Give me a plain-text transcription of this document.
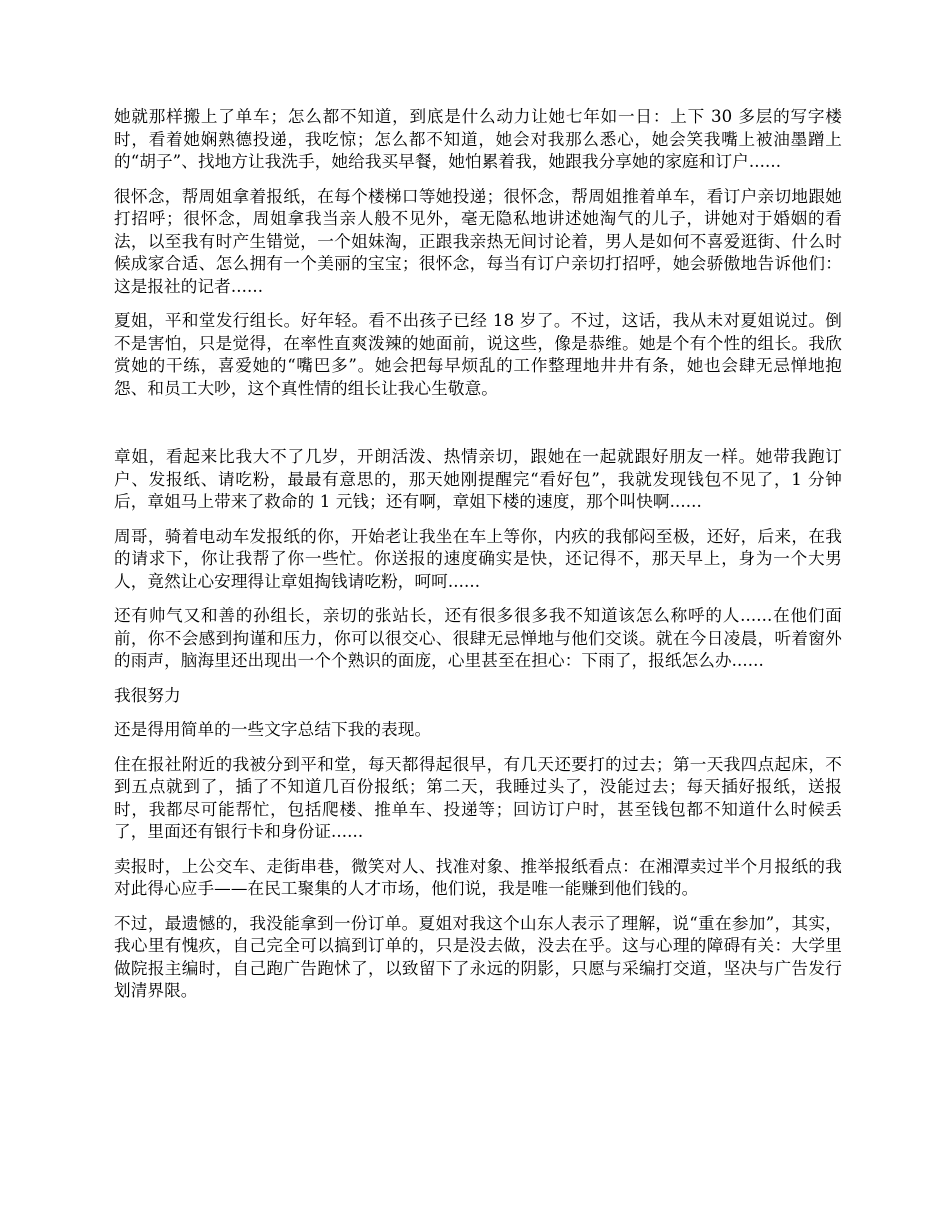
她就那样搬上了单车；怎么都不知道，到底是什么动力让她七年如一日：上下 30 多层的写字楼时，看着她娴熟德投递，我吃惊；怎么都不知道，她会对我那么悉心，她会笑我嘴上被油墨蹭上的“胡子”、找地方让我洗手，她给我买早餐，她怕累着我，她跟我分享她的家庭和订户......

很怀念，帮周姐拿着报纸，在每个楼梯口等她投递；很怀念，帮周姐推着单车，看订户亲切地跟她打招呼；很怀念，周姐拿我当亲人般不见外，毫无隐私地讲述她淘气的儿子，讲她对于婚姻的看法，以至我有时产生错觉，一个姐妹淘，正跟我亲热无间讨论着，男人是如何不喜爱逛街、什么时候成家合适、怎么拥有一个美丽的宝宝；很怀念，每当有订户亲切打招呼，她会骄傲地告诉他们：这是报社的记者......

夏姐，平和堂发行组长。好年轻。看不出孩子已经 18 岁了。不过，这话，我从未对夏姐说过。倒不是害怕，只是觉得，在率性直爽泼辣的她面前，说这些，像是恭维。她是个有个性的组长。我欣赏她的干练，喜爱她的“嘴巴多”。她会把每早烦乱的工作整理地井井有条，她也会肆无忌惮地抱怨、和员工大吵，这个真性情的组长让我心生敬意。

章姐，看起来比我大不了几岁，开朗活泼、热情亲切，跟她在一起就跟好朋友一样。她带我跑订户、发报纸、请吃粉，最最有意思的，那天她刚提醒完“看好包”，我就发现钱包不见了，1 分钟后，章姐马上带来了救命的 1 元钱；还有啊，章姐下楼的速度，那个叫快啊......

周哥，骑着电动车发报纸的你，开始老让我坐在车上等你，内疚的我郁闷至极，还好，后来，在我的请求下，你让我帮了你一些忙。你送报的速度确实是快，还记得不，那天早上，身为一个大男人，竟然让心安理得让章姐掏钱请吃粉，呵呵......

还有帅气又和善的孙组长，亲切的张站长，还有很多很多我不知道该怎么称呼的人......在他们面前，你不会感到拘谨和压力，你可以很交心、很肆无忌惮地与他们交谈。就在今日凌晨，听着窗外的雨声，脑海里还出现出一个个熟识的面庞，心里甚至在担心：下雨了，报纸怎么办......

我很努力

还是得用简单的一些文字总结下我的表现。

住在报社附近的我被分到平和堂，每天都得起很早，有几天还要打的过去；第一天我四点起床，不到五点就到了，插了不知道几百份报纸；第二天，我睡过头了，没能过去；每天插好报纸，送报时，我都尽可能帮忙，包括爬楼、推单车、投递等；回访订户时，甚至钱包都不知道什么时候丢了，里面还有银行卡和身份证......

卖报时，上公交车、走街串巷，微笑对人、找准对象、推举报纸看点：在湘潭卖过半个月报纸的我对此得心应手——在民工聚集的人才市场，他们说，我是唯一能赚到他们钱的。

不过，最遗憾的，我没能拿到一份订单。夏姐对我这个山东人表示了理解，说“重在参加”，其实，我心里有愧疚，自己完全可以搞到订单的，只是没去做，没去在乎。这与心理的障碍有关：大学里做院报主编时，自己跑广告跑怵了，以致留下了永远的阴影，只愿与采编打交道，坚决与广告发行划清界限。
